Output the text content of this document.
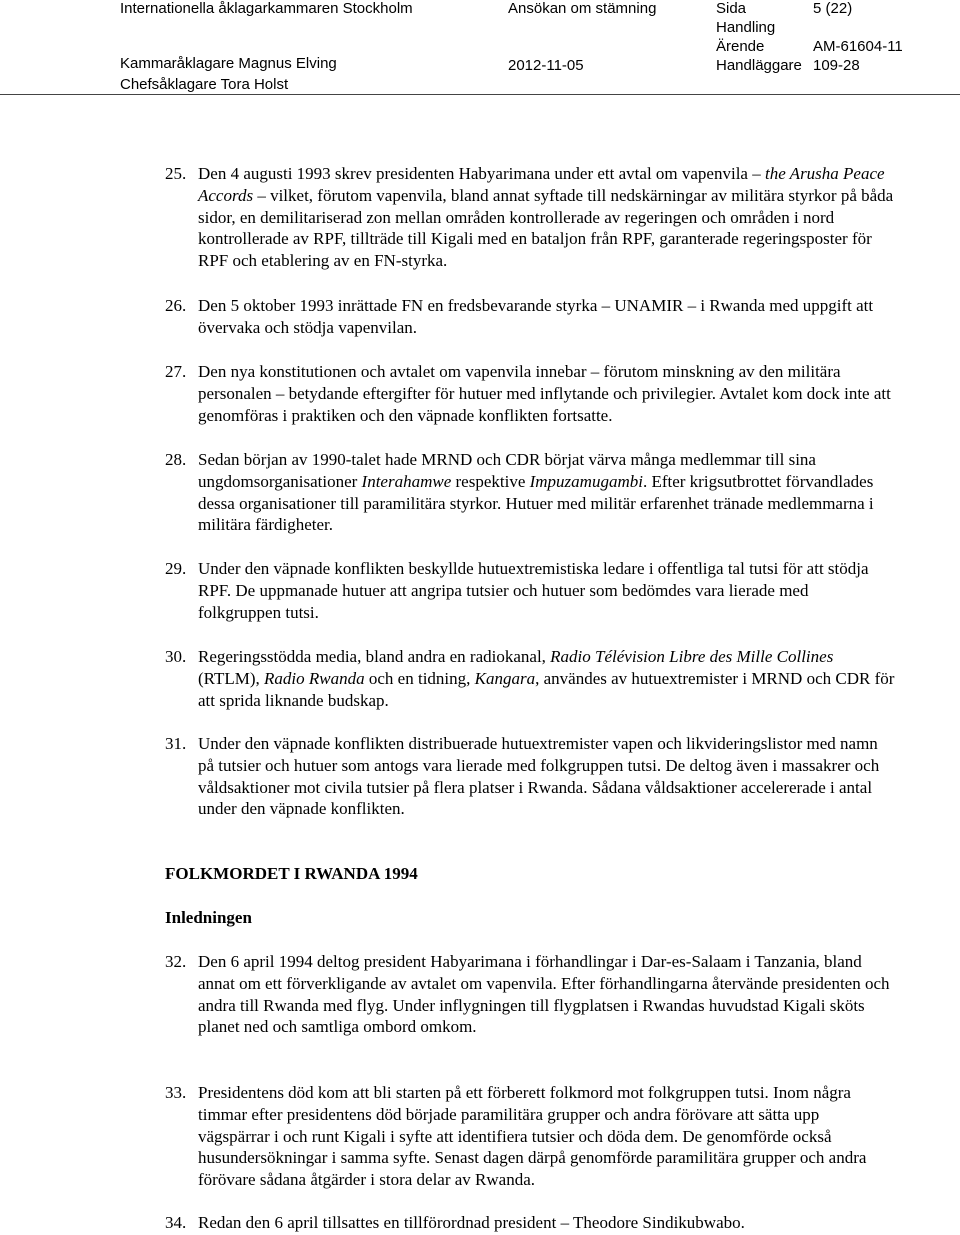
Internationella åklagarkammaren Stockholm	Ansökan om stämning	Sida	5 (22)
Handling
Ärende	AM-61604-11
Kammaråklagare Magnus Elving	2012-11-05	Handläggare 109-28
Chefsåklagare Tora Holst
25. Den 4 augusti 1993 skrev presidenten Habyarimana under ett avtal om vapenvila – the Arusha Peace Accords – vilket, förutom vapenvila, bland annat syftade till nedskärningar av militära styrkor på båda sidor, en demilitariserad zon mellan områden kontrollerade av regeringen och områden i nord kontrollerade av RPF, tillträde till Kigali med en bataljon från RPF, garanterade regeringsposter för RPF och etablering av en FN-styrka.
26. Den 5 oktober 1993 inrättade FN en fredsbevarande styrka – UNAMIR – i Rwanda med uppgift att övervaka och stödja vapenvilan.
27. Den nya konstitutionen och avtalet om vapenvila innebar – förutom minskning av den militära personalen – betydande eftergifter för hutuer med inflytande och privilegier. Avtalet kom dock inte att genomföras i praktiken och den väpnade konflikten fortsatte.
28. Sedan början av 1990-talet hade MRND och CDR börjat värva många medlemmar till sina ungdomsorganisationer Interahamwe respektive Impuzamugambi. Efter krigsutbrottet förvandlades dessa organisationer till paramilitära styrkor. Hutuer med militär erfarenhet tränade medlemmarna i militära färdigheter.
29. Under den väpnade konflikten beskyllde hutuextremistiska ledare i offentliga tal tutsi för att stödja RPF. De uppmanade hutuer att angripa tutsier och hutuer som bedömdes vara lierade med folkgruppen tutsi.
30. Regeringsstödda media, bland andra en radiokanal, Radio Télévision Libre des Mille Collines (RTLM), Radio Rwanda och en tidning, Kangara, användes av hutuextremister i MRND och CDR för att sprida liknande budskap.
31. Under den väpnade konflikten distribuerade hutuextremister vapen och likvideringslistor med namn på tutsier och hutuer som antogs vara lierade med folkgruppen tutsi. De deltog även i massakrer och våldsaktioner mot civila tutsier på flera platser i Rwanda. Sådana våldsaktioner accelererade i antal under den väpnade konflikten.
FOLKMORDET I RWANDA 1994
Inledningen
32. Den 6 april 1994 deltog president Habyarimana i förhandlingar i Dar-es-Salaam i Tanzania, bland annat om ett förverkligande av avtalet om vapenvila. Efter förhandlingarna återvände presidenten och andra till Rwanda med flyg. Under inflygningen till flygplatsen i Rwandas huvudstad Kigali sköts planet ned och samtliga ombord omkom.
33. Presidentens död kom att bli starten på ett förberett folkmord mot folkgruppen tutsi. Inom några timmar efter presidentens död började paramilitära grupper och andra förövare att sätta upp vägspärrar i och runt Kigali i syfte att identifiera tutsier och döda dem. De genomförde också husundersökningar i samma syfte. Senast dagen därpå genomförde paramilitära grupper och andra förövare sådana åtgärder i stora delar av Rwanda.
34. Redan den 6 april tillsattes en tillförordnad president – Theodore Sindikubwabo.
